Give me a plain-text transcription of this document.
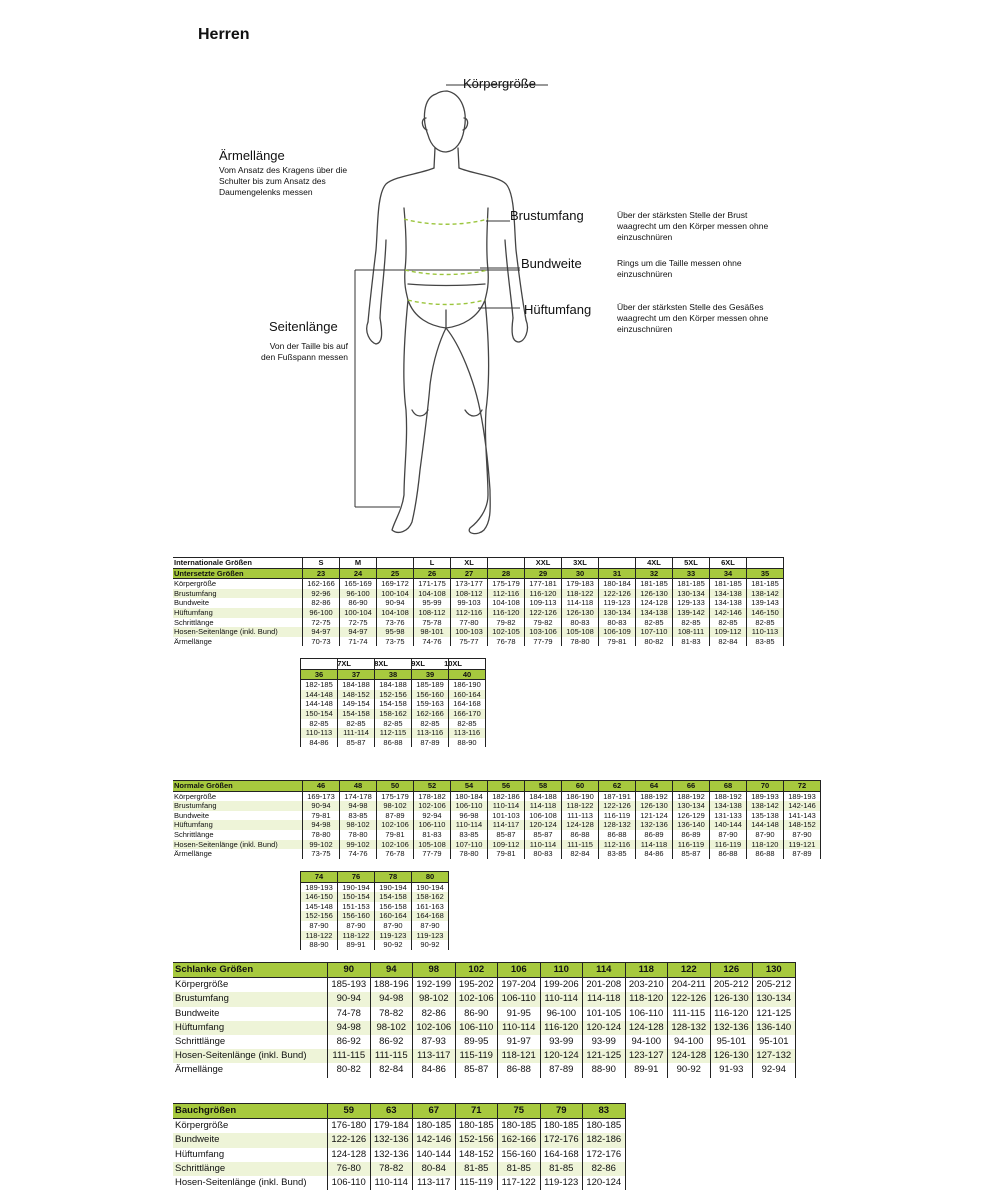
Herren
Körpergröße
Ärmellänge
Vom Ansatz des Kragens über die
Schulter bis zum Ansatz des
Daumengelenks messen
Brustumfang	Über der stärksten Stelle der Brust
waagrecht um den Körper messen ohne
einzuschnüren
Bundweite	Rings um die Taille messen ohne
einzuschnüren
Hüftumfang	Über der stärksten Stelle des Gesäßes
waagrecht um den Körper messen ohne
einzuschnüren
Seitenlänge
Von der Taille bis auf
den Fußspann messen
Internationale Größen	S	M		L	XL		XXL	3XL		4XL	5XL	6XL	
Untersetzte Größen	23	24	25	26	27	28	29	30	31	32	33	34	35
Körpergröße	162-166	165-169	169-172	171-175	173-177	175-179	177-181	179-183	180-184	181-185	181-185	181-185	181-185
Brustumfang	92-96	96-100	100-104	104-108	108-112	112-116	116-120	118-122	122-126	126-130	130-134	134-138	138-142
Bundweite	82-86	86-90	90-94	95-99	99-103	104-108	109-113	114-118	119-123	124-128	129-133	134-138	139-143
Hüftumfang	96-100	100-104	104-108	108-112	112-116	116-120	122-126	126-130	130-134	134-138	139-142	142-146	146-150
Schrittlänge	72-75	72-75	73-76	75-78	77-80	79-82	79-82	80-83	80-83	82-85	82-85	82-85	82-85
Hosen-Seitenlänge (inkl. Bund)	94-97	94-97	95-98	98-101	100-103	102-105	103-106	105-108	106-109	107-110	108-111	109-112	110-113
Ärmellänge	70-73	71-74	73-75	74-76	75-77	76-78	77-79	78-80	79-81	80-82	81-83	82-84	83-85
7XL	8XL	9XL	10XL	
36	37	38	39	40
182-185	184-188	184-188	185-189	186-190
144-148	148-152	152-156	156-160	160-164
144-148	149-154	154-158	159-163	164-168
150-154	154-158	158-162	162-166	166-170
82-85	82-85	82-85	82-85	82-85
110-113	111-114	112-115	113-116	113-116
84-86	85-87	86-88	87-89	88-90
Normale Größen	46	48	50	52	54	56	58	60	62	64	66	68	70	72
Körpergröße	169-173	174-178	175-179	178-182	180-184	182-186	184-188	186-190	187-191	188-192	188-192	188-192	189-193	189-193
Brustumfang	90-94	94-98	98-102	102-106	106-110	110-114	114-118	118-122	122-126	126-130	130-134	134-138	138-142	142-146
Bundweite	79-81	83-85	87-89	92-94	96-98	101-103	106-108	111-113	116-119	121-124	126-129	131-133	135-138	141-143
Hüftumfang	94-98	98-102	102-106	106-110	110-114	114-117	120-124	124-128	128-132	132-136	136-140	140-144	144-148	148-152
Schrittlänge	78-80	78-80	79-81	81-83	83-85	85-87	85-87	86-88	86-88	86-89	86-89	87-90	87-90	87-90
Hosen-Seitenlänge (inkl. Bund)	99-102	99-102	102-106	105-108	107-110	109-112	110-114	111-115	112-116	114-118	116-119	116-119	118-120	119-121
Ärmellänge	73-75	74-76	76-78	77-79	78-80	79-81	80-83	82-84	83-85	84-86	85-87	86-88	86-88	87-89
74	76	78	80
189-193	190-194	190-194	190-194
146-150	150-154	154-158	158-162
145-148	151-153	156-158	161-163
152-156	156-160	160-164	164-168
87-90	87-90	87-90	87-90
118-122	118-122	119-123	119-123
88-90	89-91	90-92	90-92
Schlanke Größen	90	94	98	102	106	110	114	118	122	126	130
Körpergröße	185-193	188-196	192-199	195-202	197-204	199-206	201-208	203-210	204-211	205-212	205-212
Brustumfang	90-94	94-98	98-102	102-106	106-110	110-114	114-118	118-120	122-126	126-130	130-134
Bundweite	74-78	78-82	82-86	86-90	91-95	96-100	101-105	106-110	111-115	116-120	121-125
Hüftumfang	94-98	98-102	102-106	106-110	110-114	116-120	120-124	124-128	128-132	132-136	136-140
Schrittlänge	86-92	86-92	87-93	89-95	91-97	93-99	93-99	94-100	94-100	95-101	95-101
Hosen-Seitenlänge (inkl. Bund)	111-115	111-115	113-117	115-119	118-121	120-124	121-125	123-127	124-128	126-130	127-132
Ärmellänge	80-82	82-84	84-86	85-87	86-88	87-89	88-90	89-91	90-92	91-93	92-94
Bauchgrößen	59	63	67	71	75	79	83
Körpergröße	176-180	179-184	180-185	180-185	180-185	180-185	180-185
Bundweite	122-126	132-136	142-146	152-156	162-166	172-176	182-186
Hüftumfang	124-128	132-136	140-144	148-152	156-160	164-168	172-176
Schrittlänge	76-80	78-82	80-84	81-85	81-85	81-85	82-86
Hosen-Seitenlänge (inkl. Bund)	106-110	110-114	113-117	115-119	117-122	119-123	120-124
